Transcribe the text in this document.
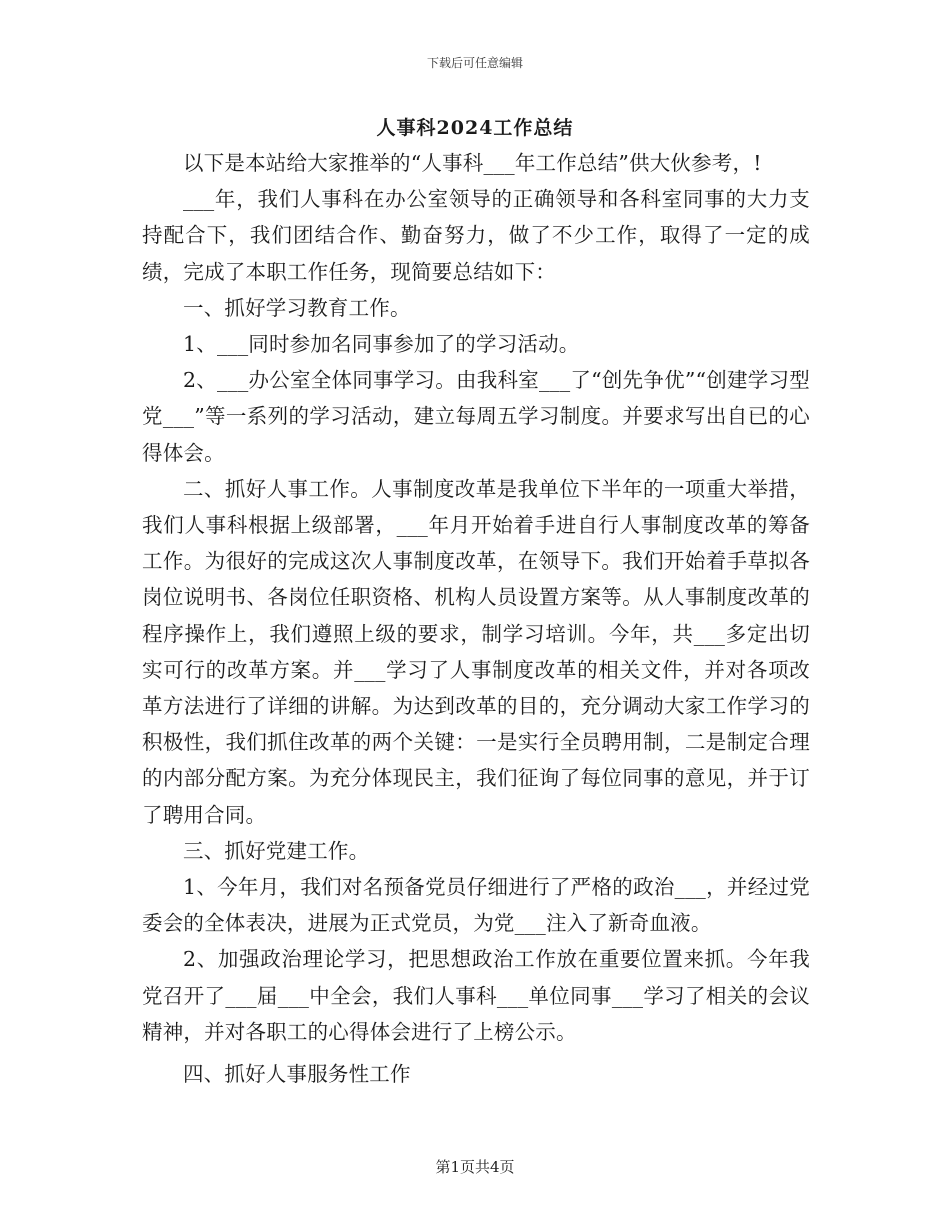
下载后可任意编辑
人事科2024工作总结

以下是本站给大家推举的“人事科___年工作总结”供大伙参考，!

___年，我们人事科在办公室领导的正确领导和各科室同事的大力支持配合下，我们团结合作、勤奋努力，做了不少工作，取得了一定的成绩，完成了本职工作任务，现简要总结如下：

一、抓好学习教育工作。

1、___同时参加名同事参加了的学习活动。

2、___办公室全体同事学习。由我科室___了“创先争优”“创建学习型党___”等一系列的学习活动，建立每周五学习制度。并要求写出自已的心得体会。

二、抓好人事工作。人事制度改革是我单位下半年的一项重大举措，我们人事科根据上级部署，___年月开始着手进自行人事制度改革的筹备工作。为很好的完成这次人事制度改革，在领导下。我们开始着手草拟各岗位说明书、各岗位任职资格、机构人员设置方案等。从人事制度改革的程序操作上，我们遵照上级的要求，制学习培训。今年，共___多定出切实可行的改革方案。并___学习了人事制度改革的相关文件，并对各项改革方法进行了详细的讲解。为达到改革的目的，充分调动大家工作学习的积极性，我们抓住改革的两个关键：一是实行全员聘用制，二是制定合理的内部分配方案。为充分体现民主，我们征询了每位同事的意见，并于订了聘用合同。

三、抓好党建工作。

1、今年月，我们对名预备党员仔细进行了严格的政治___，并经过党委会的全体表决，进展为正式党员，为党___注入了新奇血液。

2、加强政治理论学习，把思想政治工作放在重要位置来抓。今年我党召开了___届___中全会，我们人事科___单位同事___学习了相关的会议精神，并对各职工的心得体会进行了上榜公示。

四、抓好人事服务性工作

第1页共4页
